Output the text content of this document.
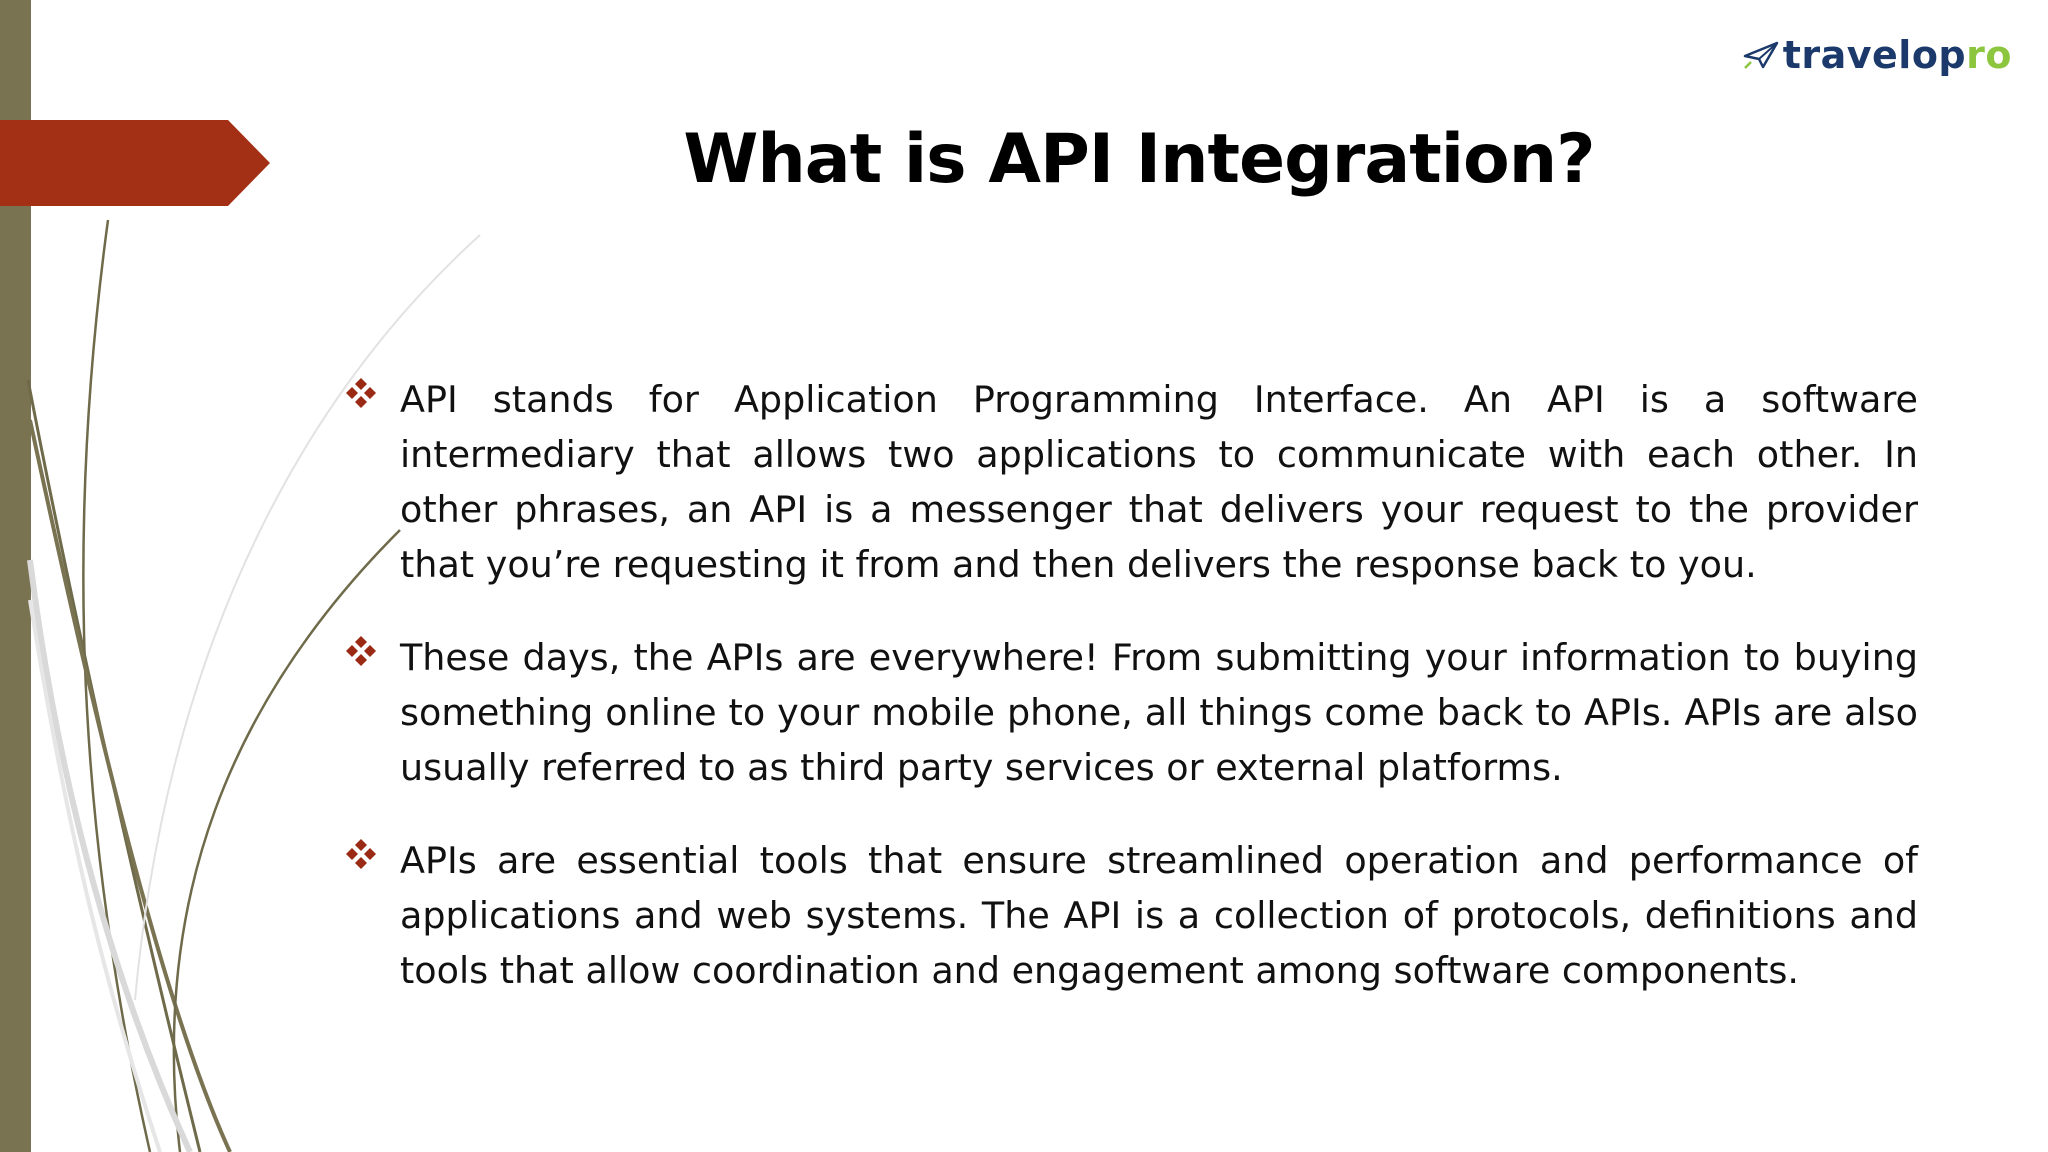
travelopro
What is API Integration?

API stands for Application Programming Interface. An API is a software intermediary that allows two applications to communicate with each other. In other phrases, an API is a messenger that delivers your request to the provider that you’re requesting it from and then delivers the response back to you.

These days, the APIs are everywhere! From submitting your information to buying something online to your mobile phone, all things come back to APIs. APIs are also usually referred to as third party services or external platforms.

APIs are essential tools that ensure streamlined operation and performance of applications and web systems. The API is a collection of protocols, definitions and tools that allow coordination and engagement among software components.
